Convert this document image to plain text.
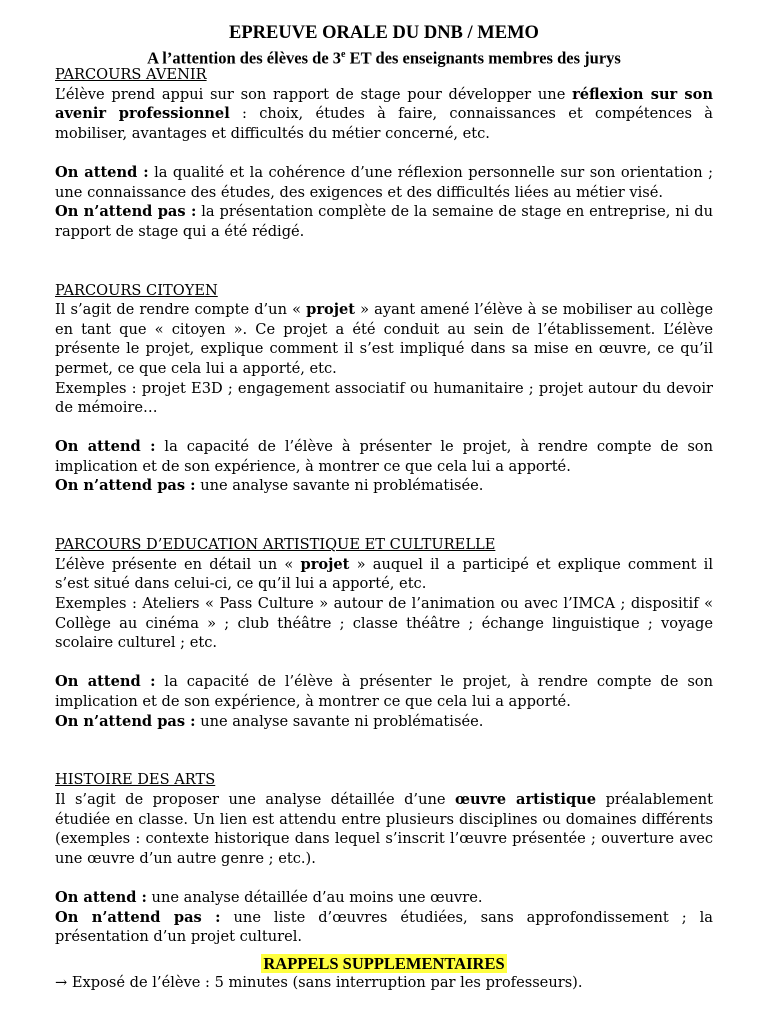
EPREUVE ORALE DU DNB / MEMO
A l’attention des élèves de 3e ET des enseignants membres des jurys
PARCOURS AVENIR
L’élève prend appui sur son rapport de stage pour développer une réflexion sur son avenir professionnel : choix, études à faire, connaissances et compétences à mobiliser, avantages et difficultés du métier concerné, etc.
On attend : la qualité et la cohérence d’une réflexion personnelle sur son orientation ; une connaissance des études, des exigences et des difficultés liées au métier visé.
On n’attend pas : la présentation complète de la semaine de stage en entreprise, ni du rapport de stage qui a été rédigé.
PARCOURS CITOYEN
Il s’agit de rendre compte d’un « projet » ayant amené l’élève à se mobiliser au collège en tant que « citoyen ». Ce projet a été conduit au sein de l’établissement. L’élève présente le projet, explique comment il s’est impliqué dans sa mise en œuvre, ce qu’il permet, ce que cela lui a apporté, etc.
Exemples : projet E3D ; engagement associatif ou humanitaire ; projet autour du devoir de mémoire…
On attend : la capacité de l’élève à présenter le projet, à rendre compte de son implication et de son expérience, à montrer ce que cela lui a apporté.
On n’attend pas : une analyse savante ni problématisée.
PARCOURS D’EDUCATION ARTISTIQUE ET CULTURELLE
L’élève présente en détail un « projet » auquel il a participé et explique comment il s’est situé dans celui-ci, ce qu’il lui a apporté, etc.
Exemples : Ateliers « Pass Culture » autour de l’animation ou avec l’IMCA ; dispositif « Collège au cinéma » ; club théâtre ; classe théâtre ; échange linguistique ; voyage scolaire culturel ; etc.
On attend : la capacité de l’élève à présenter le projet, à rendre compte de son implication et de son expérience, à montrer ce que cela lui a apporté.
On n’attend pas : une analyse savante ni problématisée.
HISTOIRE DES ARTS
Il s’agit de proposer une analyse détaillée d’une œuvre artistique préalablement étudiée en classe. Un lien est attendu entre plusieurs disciplines ou domaines différents (exemples : contexte historique dans lequel s’inscrit l’œuvre présentée ; ouverture avec une œuvre d’un autre genre ; etc.).
On attend : une analyse détaillée d’au moins une œuvre.
On n’attend pas : une liste d’œuvres étudiées, sans approfondissement ; la présentation d’un projet culturel.
RAPPELS SUPPLEMENTAIRES
→ Exposé de l’élève : 5 minutes (sans interruption par les professeurs).
